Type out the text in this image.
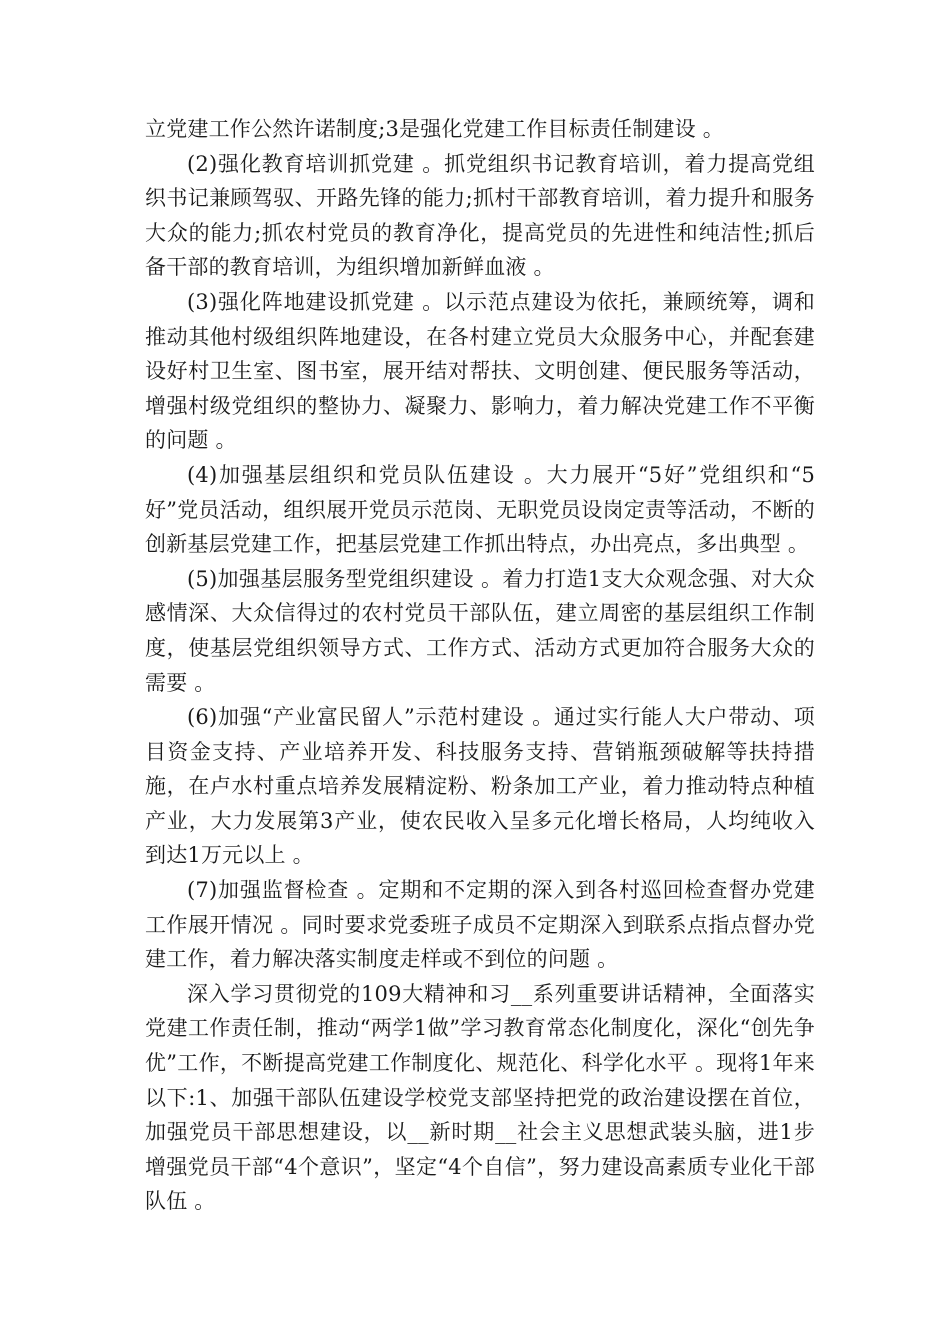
立党建工作公然许诺制度;3是强化党建工作目标责任制建设 。

(2)强化教育培训抓党建 。抓党组织书记教育培训，着力提高党组织书记兼顾驾驭、开路先锋的能力;抓村干部教育培训，着力提升和服务大众的能力;抓农村党员的教育净化，提高党员的先进性和纯洁性;抓后备干部的教育培训，为组织增加新鲜血液 。

(3)强化阵地建设抓党建 。以示范点建设为依托，兼顾统筹，调和推动其他村级组织阵地建设，在各村建立党员大众服务中心，并配套建设好村卫生室、图书室，展开结对帮扶、文明创建、便民服务等活动，增强村级党组织的整协力、凝聚力、影响力，着力解决党建工作不平衡的问题 。

(4)加强基层组织和党员队伍建设 。大力展开“5好”党组织和“5好”党员活动，组织展开党员示范岗、无职党员设岗定责等活动，不断的创新基层党建工作，把基层党建工作抓出特点，办出亮点，多出典型 。

(5)加强基层服务型党组织建设 。着力打造1支大众观念强、对大众感情深、大众信得过的农村党员干部队伍，建立周密的基层组织工作制度，使基层党组织领导方式、工作方式、活动方式更加符合服务大众的需要 。

(6)加强“产业富民留人”示范村建设 。通过实行能人大户带动、项目资金支持、产业培养开发、科技服务支持、营销瓶颈破解等扶持措施，在卢水村重点培养发展精淀粉、粉条加工产业，着力推动特点种植产业，大力发展第3产业，使农民收入呈多元化增长格局，人均纯收入到达1万元以上 。

(7)加强监督检查 。定期和不定期的深入到各村巡回检查督办党建工作展开情况 。同时要求党委班子成员不定期深入到联系点指点督办党建工作，着力解决落实制度走样或不到位的问题 。

深入学习贯彻党的109大精神和习__系列重要讲话精神，全面落实党建工作责任制，推动“两学1做”学习教育常态化制度化，深化“创先争优”工作，不断提高党建工作制度化、规范化、科学化水平 。现将1年来以下:1、加强干部队伍建设学校党支部坚持把党的政治建设摆在首位，加强党员干部思想建设，以__新时期__社会主义思想武装头脑，进1步增强党员干部“4个意识”，坚定“4个自信”，努力建设高素质专业化干部队伍 。
